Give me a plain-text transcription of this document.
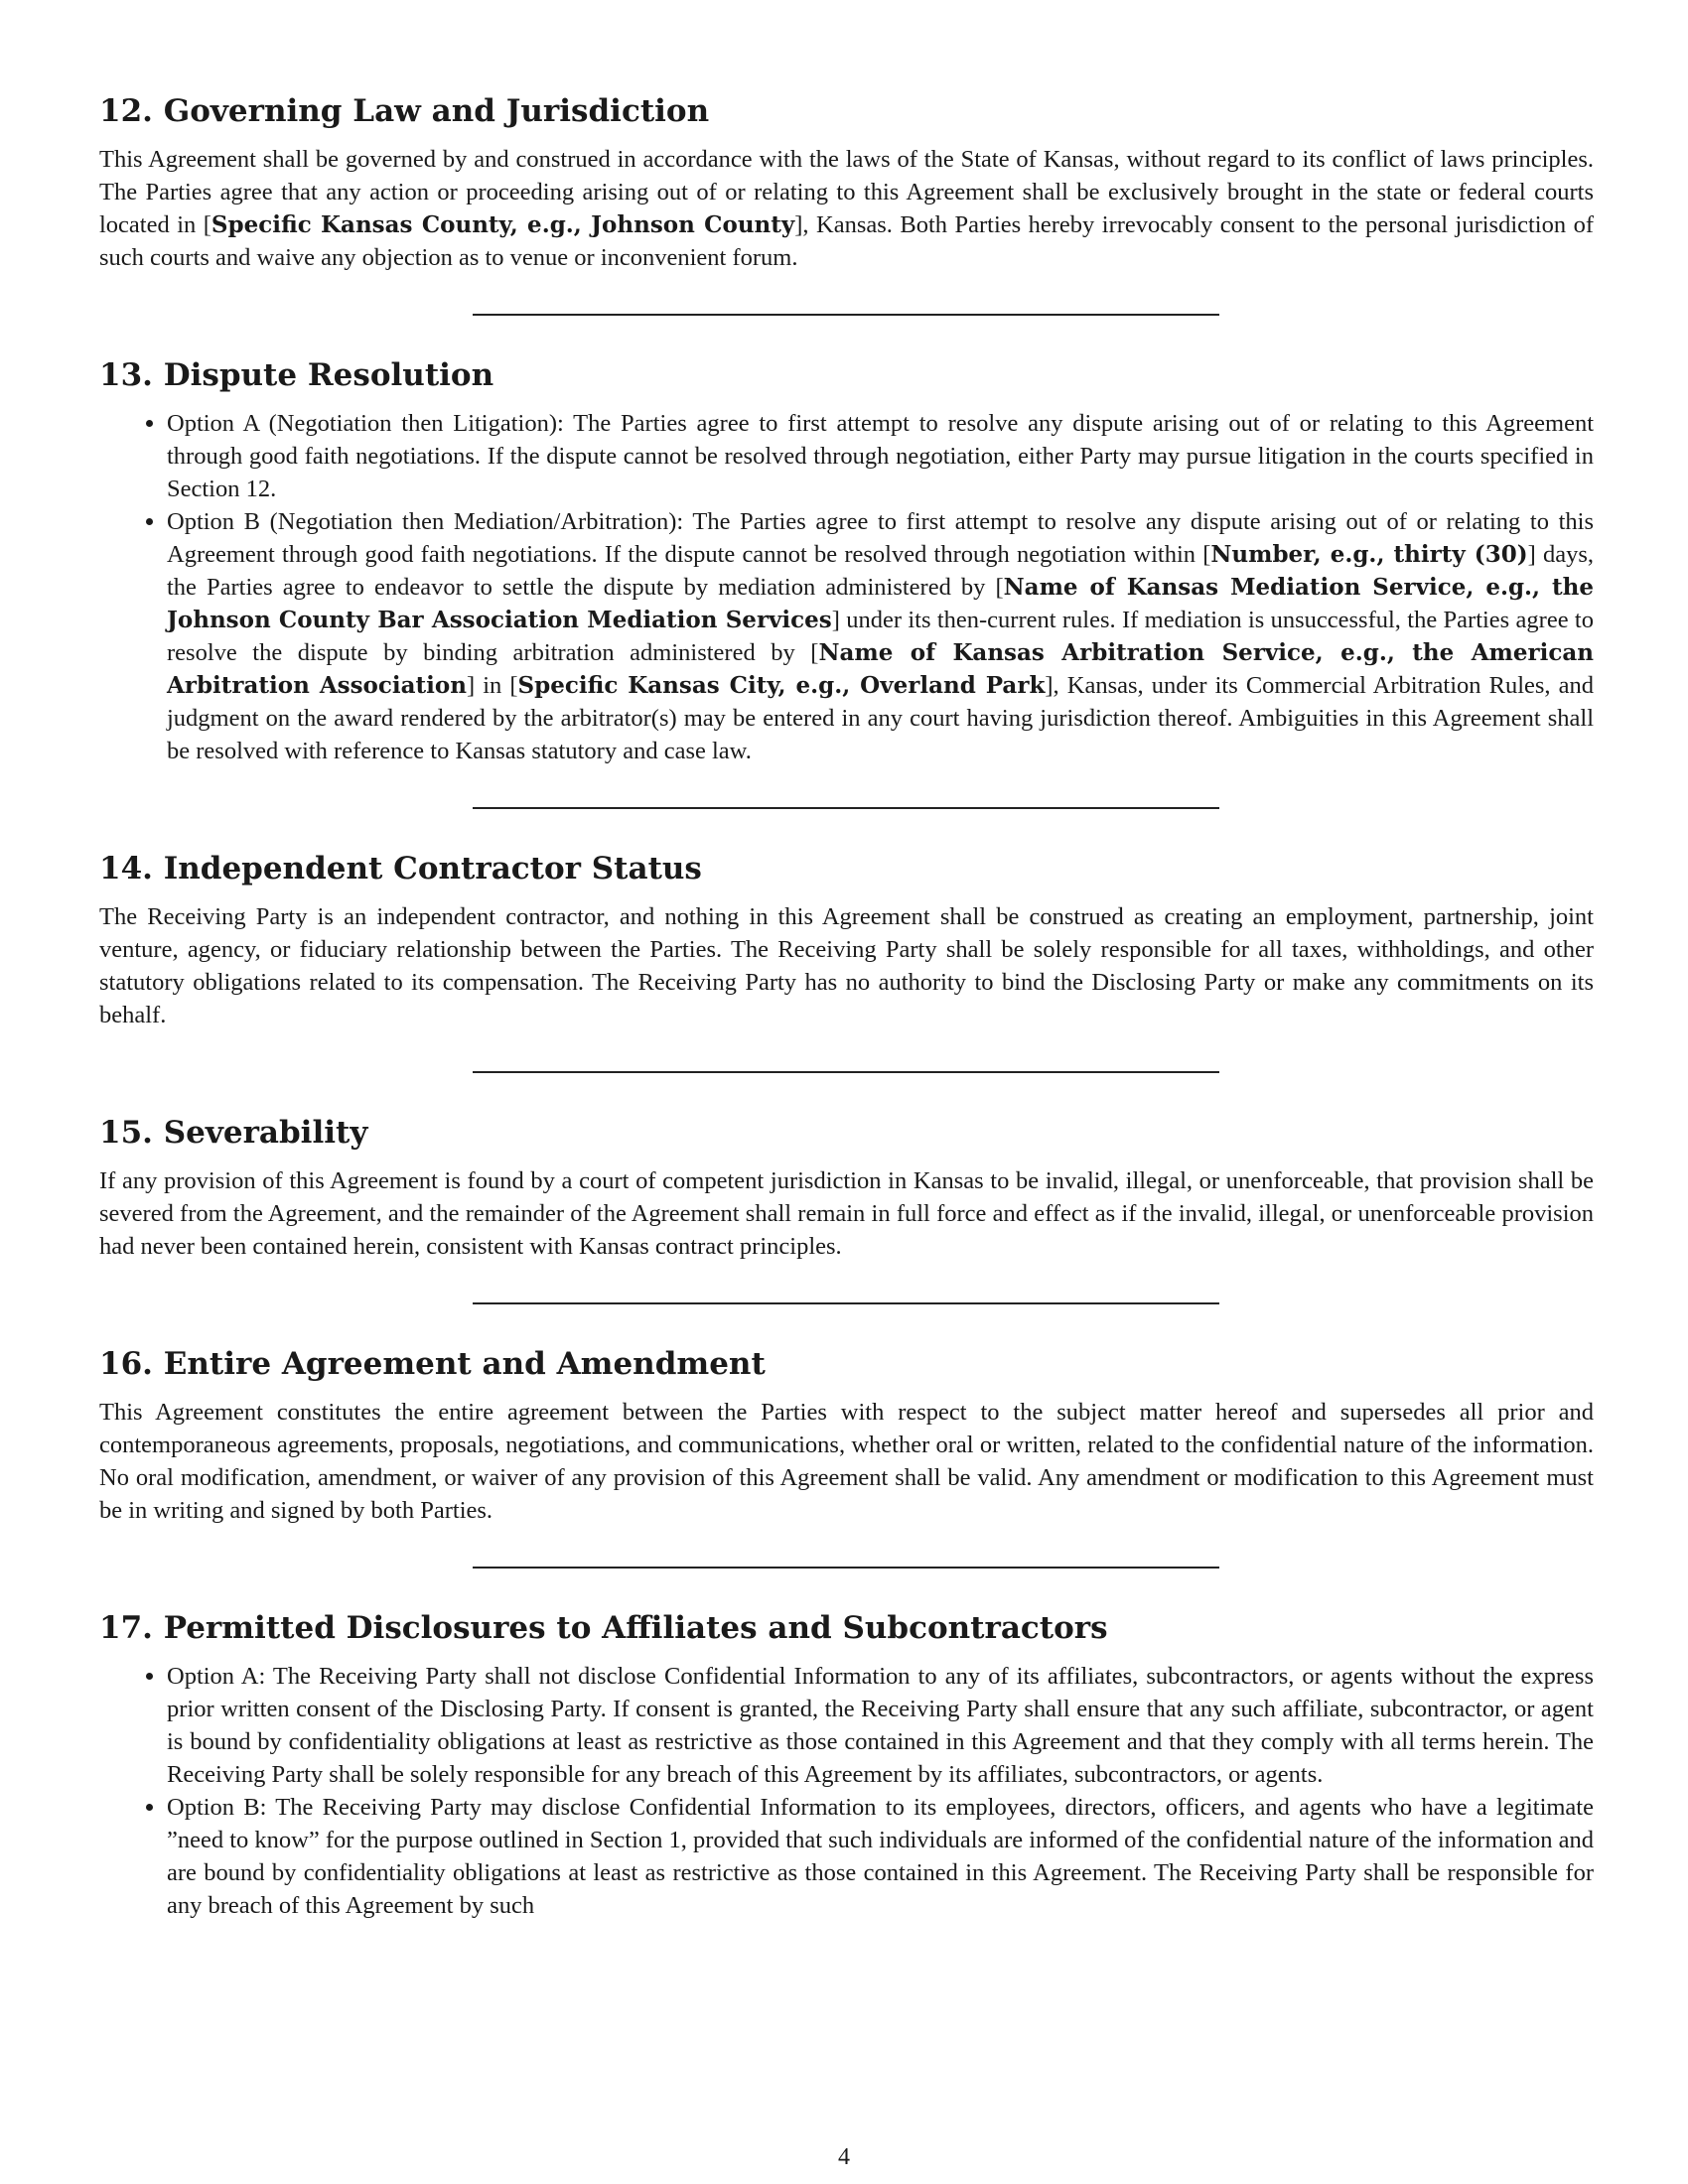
12. Governing Law and Jurisdiction

This Agreement shall be governed by and construed in accordance with the laws of the State of Kansas, without regard to its conflict of laws principles. The Parties agree that any action or proceeding arising out of or relating to this Agreement shall be exclusively brought in the state or federal courts located in [Specific Kansas County, e.g., Johnson County], Kansas. Both Parties hereby irrevocably consent to the personal jurisdiction of such courts and waive any objection as to venue or inconvenient forum.

13. Dispute Resolution
• Option A (Negotiation then Litigation): The Parties agree to first attempt to resolve any dispute arising out of or relating to this Agreement through good faith negotiations. If the dispute cannot be resolved through negotiation, either Party may pursue litigation in the courts specified in Section 12.
• Option B (Negotiation then Mediation/Arbitration): The Parties agree to first attempt to resolve any dispute arising out of or relating to this Agreement through good faith negotiations. If the dispute cannot be resolved through negotiation within [Number, e.g., thirty (30)] days, the Parties agree to endeavor to settle the dispute by mediation administered by [Name of Kansas Mediation Service, e.g., the Johnson County Bar Association Mediation Services] under its then-current rules. If mediation is unsuccessful, the Parties agree to resolve the dispute by binding arbitration administered by [Name of Kansas Arbitration Service, e.g., the American Arbitration Association] in [Specific Kansas City, e.g., Overland Park], Kansas, under its Commercial Arbitration Rules, and judgment on the award rendered by the arbitrator(s) may be entered in any court having jurisdiction thereof. Ambiguities in this Agreement shall be resolved with reference to Kansas statutory and case law.
14. Independent Contractor Status

The Receiving Party is an independent contractor, and nothing in this Agreement shall be construed as creating an employment, partnership, joint venture, agency, or fiduciary relationship between the Parties. The Receiving Party shall be solely responsible for all taxes, withholdings, and other statutory obligations related to its compensation. The Receiving Party has no authority to bind the Disclosing Party or make any commitments on its behalf.

15. Severability

If any provision of this Agreement is found by a court of competent jurisdiction in Kansas to be invalid, illegal, or unenforceable, that provision shall be severed from the Agreement, and the remainder of the Agreement shall remain in full force and effect as if the invalid, illegal, or unenforceable provision had never been contained herein, consistent with Kansas contract principles.

16. Entire Agreement and Amendment

This Agreement constitutes the entire agreement between the Parties with respect to the subject matter hereof and supersedes all prior and contemporaneous agreements, proposals, negotiations, and communications, whether oral or written, related to the confidential nature of the information. No oral modification, amendment, or waiver of any provision of this Agreement shall be valid. Any amendment or modification to this Agreement must be in writing and signed by both Parties.

17. Permitted Disclosures to Affiliates and Subcontractors
• Option A: The Receiving Party shall not disclose Confidential Information to any of its affiliates, subcontractors, or agents without the express prior written consent of the Disclosing Party. If consent is granted, the Receiving Party shall ensure that any such affiliate, subcontractor, or agent is bound by confidentiality obligations at least as restrictive as those contained in this Agreement and that they comply with all terms herein. The Receiving Party shall be solely responsible for any breach of this Agreement by its affiliates, subcontractors, or agents.
• Option B: The Receiving Party may disclose Confidential Information to its employees, directors, officers, and agents who have a legitimate ”need to know” for the purpose outlined in Section 1, provided that such individuals are informed of the confidential nature of the information and are bound by confidentiality obligations at least as restrictive as those contained in this Agreement. The Receiving Party shall be responsible for any breach of this Agreement by such
4
